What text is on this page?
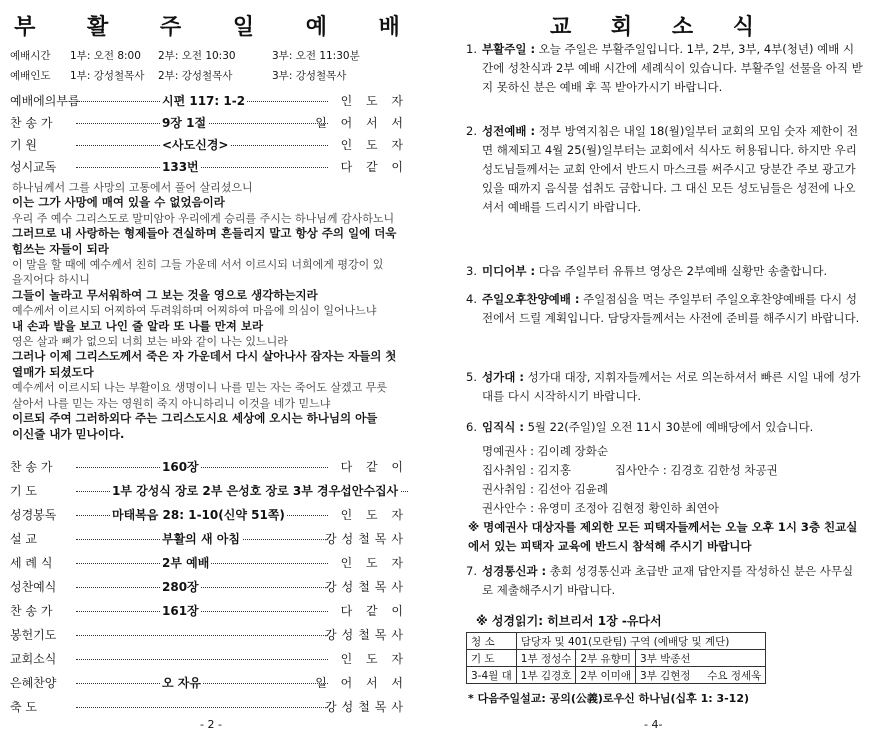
부 활 주 일 예 배
예배시간 1부: 오전 8:00 2부: 오전 10:30	3부: 오전 11:30분
예배인도 1부: 강성철목사 2부: 강성철목사	3부: 강성철목사
예배에의부름	시편 117: 1-2	인 도 자
찬 송 가	9장 1절	일 어 서 서
기 원	<사도신경>	인 도 자
성시교독	133번	다 같 이
하나님께서 그를 사망의 고통에서 풀어 살리셨으니
이는 그가 사망에 매여 있을 수 없었음이라
우리 주 예수 그리스도로 말미암아 우리에게 승리를 주시는 하나님께 감사하노니
그러므로 내 사랑하는 형제들아 견실하며 흔들리지 말고 항상 주의 일에 더욱
힘쓰는 자들이 되라
이 말을 할 때에 예수께서 친히 그들 가운데 서서 이르시되 너희에게 평강이 있
을지어다 하시니
그들이 놀라고 무서워하여 그 보는 것을 영으로 생각하는지라
예수께서 이르시되 어찌하여 두려워하며 어찌하여 마음에 의심이 일어나느냐
내 손과 발을 보고 나인 줄 알라 또 나를 만져 보라
영은 살과 뼈가 없으되 너희 보는 바와 같이 나는 있느니라
그러나 이제 그리스도께서 죽은 자 가운데서 다시 살아나사 잠자는 자들의 첫
열매가 되셨도다
예수께서 이르시되 나는 부활이요 생명이니 나를 믿는 자는 죽어도 살겠고 무릇
살아서 나를 믿는 자는 영원히 죽지 아니하리니 이것을 네가 믿느냐
이르되 주여 그러하외다 주는 그리스도시요 세상에 오시는 하나님의 아들
이신줄 내가 믿나이다.
찬 송 가	160장	다 같 이
기 도	1부 강성식 장로 2부 은성호 장로 3부 경우섭안수집사
성경봉독	마태복음 28: 1-10(신약 51쪽)	인 도 자
설 교	부활의 새 아침	강성철목사
세 례 식	2부 예배	인 도 자
성찬예식	280장	강성철목사
찬 송 가	161장	다 같 이
봉헌기도	강성철목사
교회소식	인 도 자
은혜찬양	오 자유	일 어 서 서
축 도	강성철목사
- 2 -
교 회 소 식
1. 부활주일 : 오늘 주일은 부활주일입니다. 1부, 2부, 3부, 4부(청년) 예배 시간에 성찬식과 2부 예배 시간에 세례식이 있습니다. 부활주일 선물을 아직 받지 못하신 분은 예배 후 꼭 받아가시기 바랍니다.
2. 성전예배 : 정부 방역지침은 내일 18(월)일부터 교회의 모임 숫자 제한이 전면 해제되고 4월 25(월)일부터는 교회에서 식사도 허용됩니다. 하지만 우리 성도님들께서는 교회 안에서 반드시 마스크를 써주시고 당분간 주보 광고가 있을 때까지 음식물 섭취도 금합니다. 그 대신 모든 성도님들은 성전에 나오셔서 예배를 드리시기 바랍니다.
3. 미디어부 : 다음 주일부터 유튜브 영상은 2부예배 실황만 송출합니다.
4. 주일오후찬양예배 : 주일점심을 먹는 주일부터 주일오후찬양예배를 다시 성전에서 드릴 계획입니다. 담당자들께서는 사전에 준비를 해주시기 바랍니다.
5. 성가대 : 성가대 대장, 지휘자들께서는 서로 의논하셔서 빠른 시일 내에 성가대를 다시 시작하시기 바랍니다.
6. 임직식 : 5월 22(주일)일 오전 11시 30분에 예배당에서 있습니다.
명예권사 : 김이례 장화순
집사취임 : 김지홍            집사안수 : 김경호 김한성 차공권
권사취임 : 김선아 김윤례
권사안수 : 유영미 조정아 김현정 황인하 최연아
※ 명예권사 대상자를 제외한 모든 피택자들께서는 오늘 오후 1시 3층 친교실에서 있는 피택자 교육에 반드시 참석해 주시기 바랍니다
7. 성경통신과 : 총회 성경통신과 초급반 교재 답안지를 작성하신 분은 사무실로 제출해주시기 바랍니다.
※ 성경읽기: 히브리서 1장 -유다서
청 소	담당자 및 401(모란팀) 구역 (예배당 및 계단)		
기 도	1부 정성수	2부 유향미	3부 박종선
3-4월 대	1부 김경호	2부 이미애	3부 김현정     수요 정세욱
* 다음주일설교: 공의(公義)로우신 하나님(십후 1: 3-12)
- 4-
